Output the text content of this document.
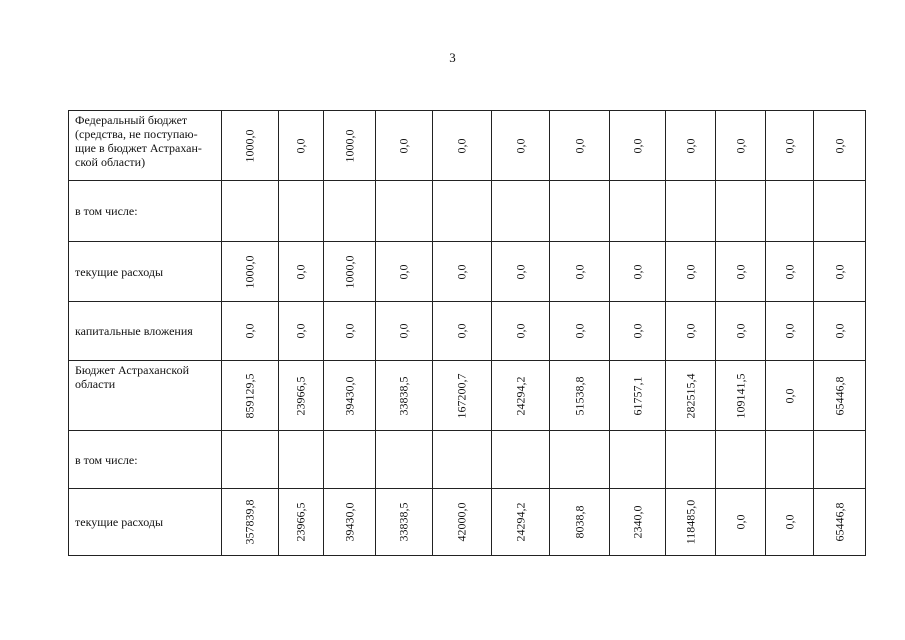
3
Федеральный бюджет (средства, не поступаю-щие в бюджет Астрахан-ской области)	1000,0	0,0	1000,0	0,0	0,0	0,0	0,0	0,0	0,0	0,0	0,0	0,0

в том числе:	

текущие расходы	1000,0	0,0	1000,0	0,0	0,0	0,0	0,0	0,0	0,0	0,0	0,0	0,0

капитальные вложения	0,0	0,0	0,0	0,0	0,0	0,0	0,0	0,0	0,0	0,0	0,0	0,0

Бюджет Астраханской области	859129,5	23966,5	39430,0	33838,5	167200,7	24294,2	51538,8	61757,1	282515,4	109141,5	0,0	65446,8

в том числе:	

текущие расходы	357839,8	23966,5	39430,0	33838,5	42000,0	24294,2	8038,8	2340,0	118485,0	0,0	0,0	65446,8
